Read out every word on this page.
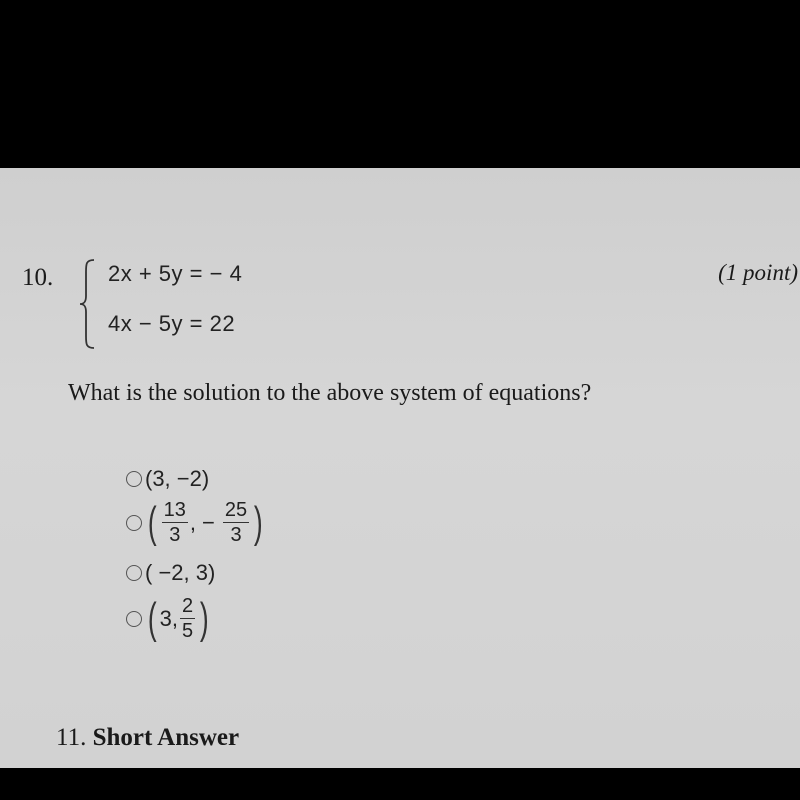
10. 2x + 5y = − 4
4x − 5y = 22
(1 point)
What is the solution to the above system of equations?
(3, −2)
( $\frac{13}{3}$ , − $\frac{25}{3}$ )
( −2, 3)
( 3 , $\frac{2}{5}$ )
11. Short Answer
